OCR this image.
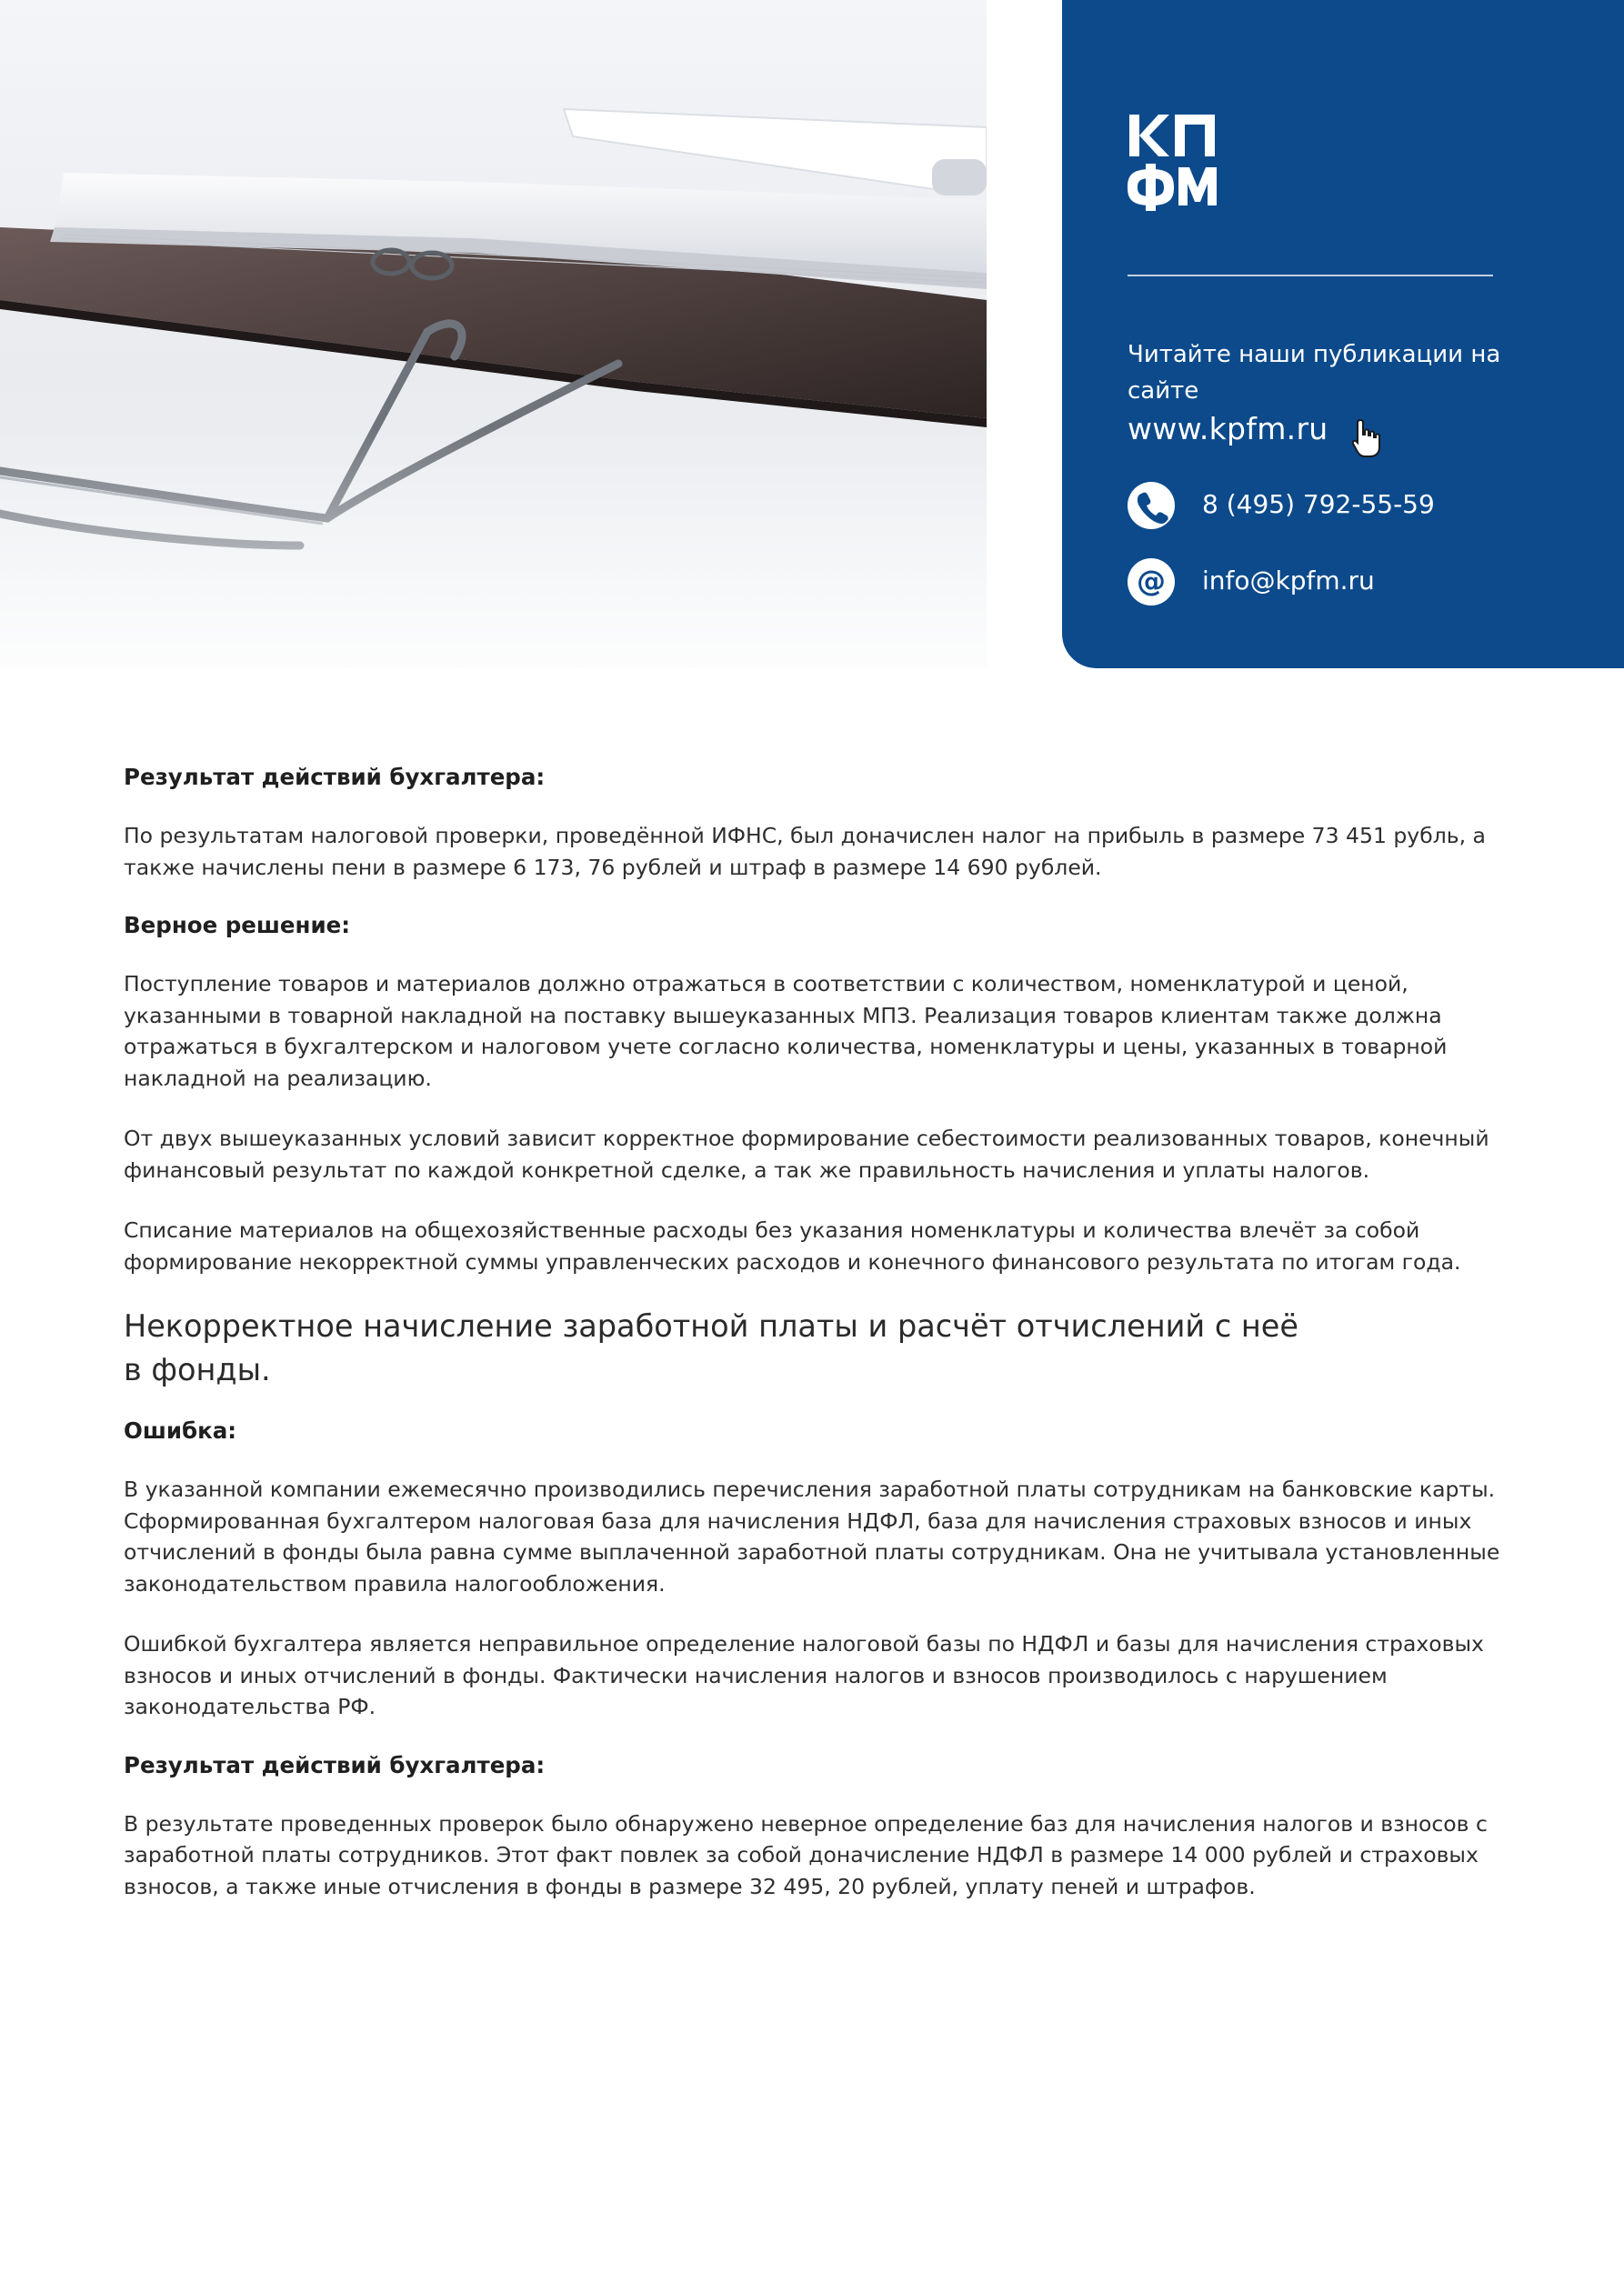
Читайте наши публикации на сайте
www.kpfm.ru
8 (495) 792-55-59
@ info@kpfm.ru

Результат действий бухгалтера:

По результатам налоговой проверки, проведённой ИФНС, был доначислен налог на прибыль в размере 73 451 рубль, а также начислены пени в размере 6 173, 76 рублей и штраф в размере 14 690 рублей.

Верное решение:

Поступление товаров и материалов должно отражаться в соответствии с количеством, номенклатурой и ценой, указанными в товарной накладной на поставку вышеуказанных МПЗ. Реализация товаров клиентам также должна отражаться в бухгалтерском и налоговом учете согласно количества, номенклатуры и цены, указанных в товарной накладной на реализацию.

От двух вышеуказанных условий зависит корректное формирование себестоимости реализованных товаров, конечный финансовый результат по каждой конкретной сделке, а так же правильность начисления и уплаты налогов.

Списание материалов на общехозяйственные расходы без указания номенклатуры и количества влечёт за собой формирование некорректной суммы управленческих расходов и конечного финансового результата по итогам года.

Некорректное начисление заработной платы и расчёт отчислений с неё в фонды.

Ошибка:

В указанной компании ежемесячно производились перечисления заработной платы сотрудникам на банковские карты. Сформированная бухгалтером налоговая база для начисления НДФЛ, база для начисления страховых взносов и иных отчислений в фонды была равна сумме выплаченной заработной платы сотрудникам. Она не учитывала установленные законодательством правила налогообложения.

Ошибкой бухгалтера является неправильное определение налоговой базы по НДФЛ и базы для начисления страховых взносов и иных отчислений в фонды. Фактически начисления налогов и взносов производилось с нарушением законодательства РФ.

Результат действий бухгалтера:

В результате проведенных проверок было обнаружено неверное определение баз для начисления налогов и взносов с заработной платы сотрудников. Этот факт повлек за собой доначисление НДФЛ в размере 14 000 рублей и страховых взносов, а также иные отчисления в фонды в размере 32 495, 20 рублей, уплату пеней и штрафов.
